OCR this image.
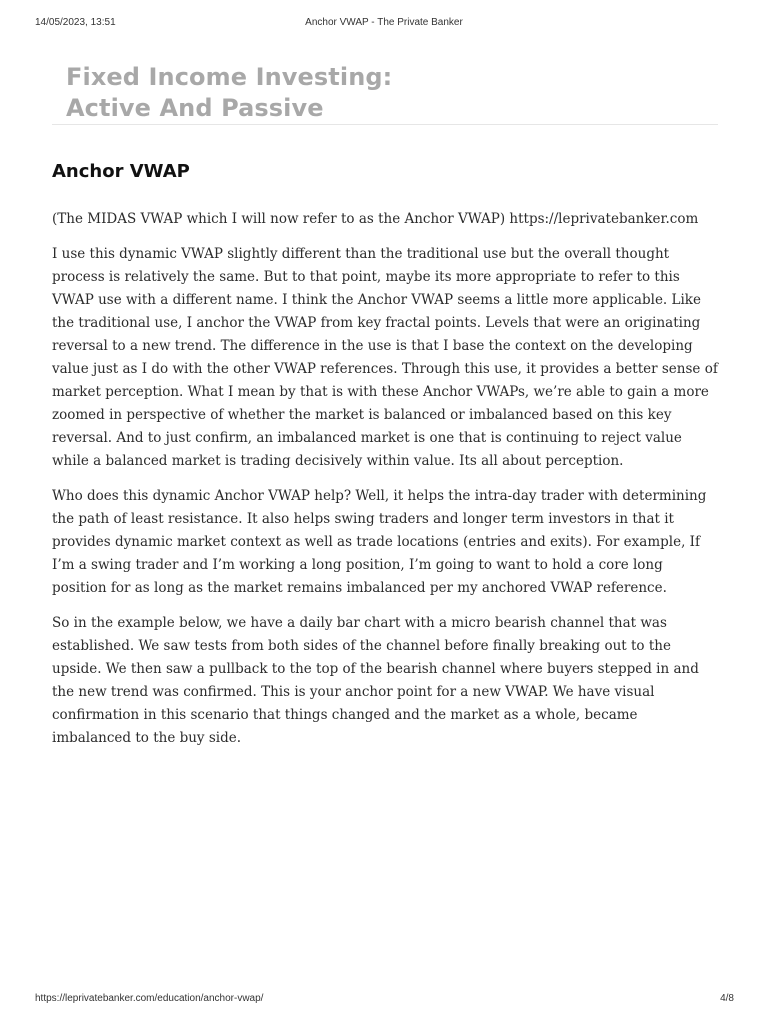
14/05/2023, 13:51	Anchor VWAP - The Private Banker
Fixed Income Investing:
Active And Passive
Anchor VWAP

(The MIDAS VWAP which I will now refer to as the Anchor VWAP) https://leprivatebanker.com

I use this dynamic VWAP slightly different than the traditional use but the overall thought process is relatively the same. But to that point, maybe its more appropriate to refer to this VWAP use with a different name. I think the Anchor VWAP seems a little more applicable. Like the traditional use, I anchor the VWAP from key fractal points. Levels that were an originating reversal to a new trend. The difference in the use is that I base the context on the developing value just as I do with the other VWAP references. Through this use, it provides a better sense of market perception. What I mean by that is with these Anchor VWAPs, we’re able to gain a more zoomed in perspective of whether the market is balanced or imbalanced based on this key reversal. And to just confirm, an imbalanced market is one that is continuing to reject value while a balanced market is trading decisively within value. Its all about perception.

Who does this dynamic Anchor VWAP help? Well, it helps the intra-day trader with determining the path of least resistance. It also helps swing traders and longer term investors in that it provides dynamic market context as well as trade locations (entries and exits). For example, If I’m a swing trader and I’m working a long position, I’m going to want to hold a core long position for as long as the market remains imbalanced per my anchored VWAP reference.

So in the example below, we have a daily bar chart with a micro bearish channel that was established. We saw tests from both sides of the channel before finally breaking out to the upside. We then saw a pullback to the top of the bearish channel where buyers stepped in and the new trend was confirmed. This is your anchor point for a new VWAP. We have visual confirmation in this scenario that things changed and the market as a whole, became imbalanced to the buy side.

https://leprivatebanker.com/education/anchor-vwap/	4/8
